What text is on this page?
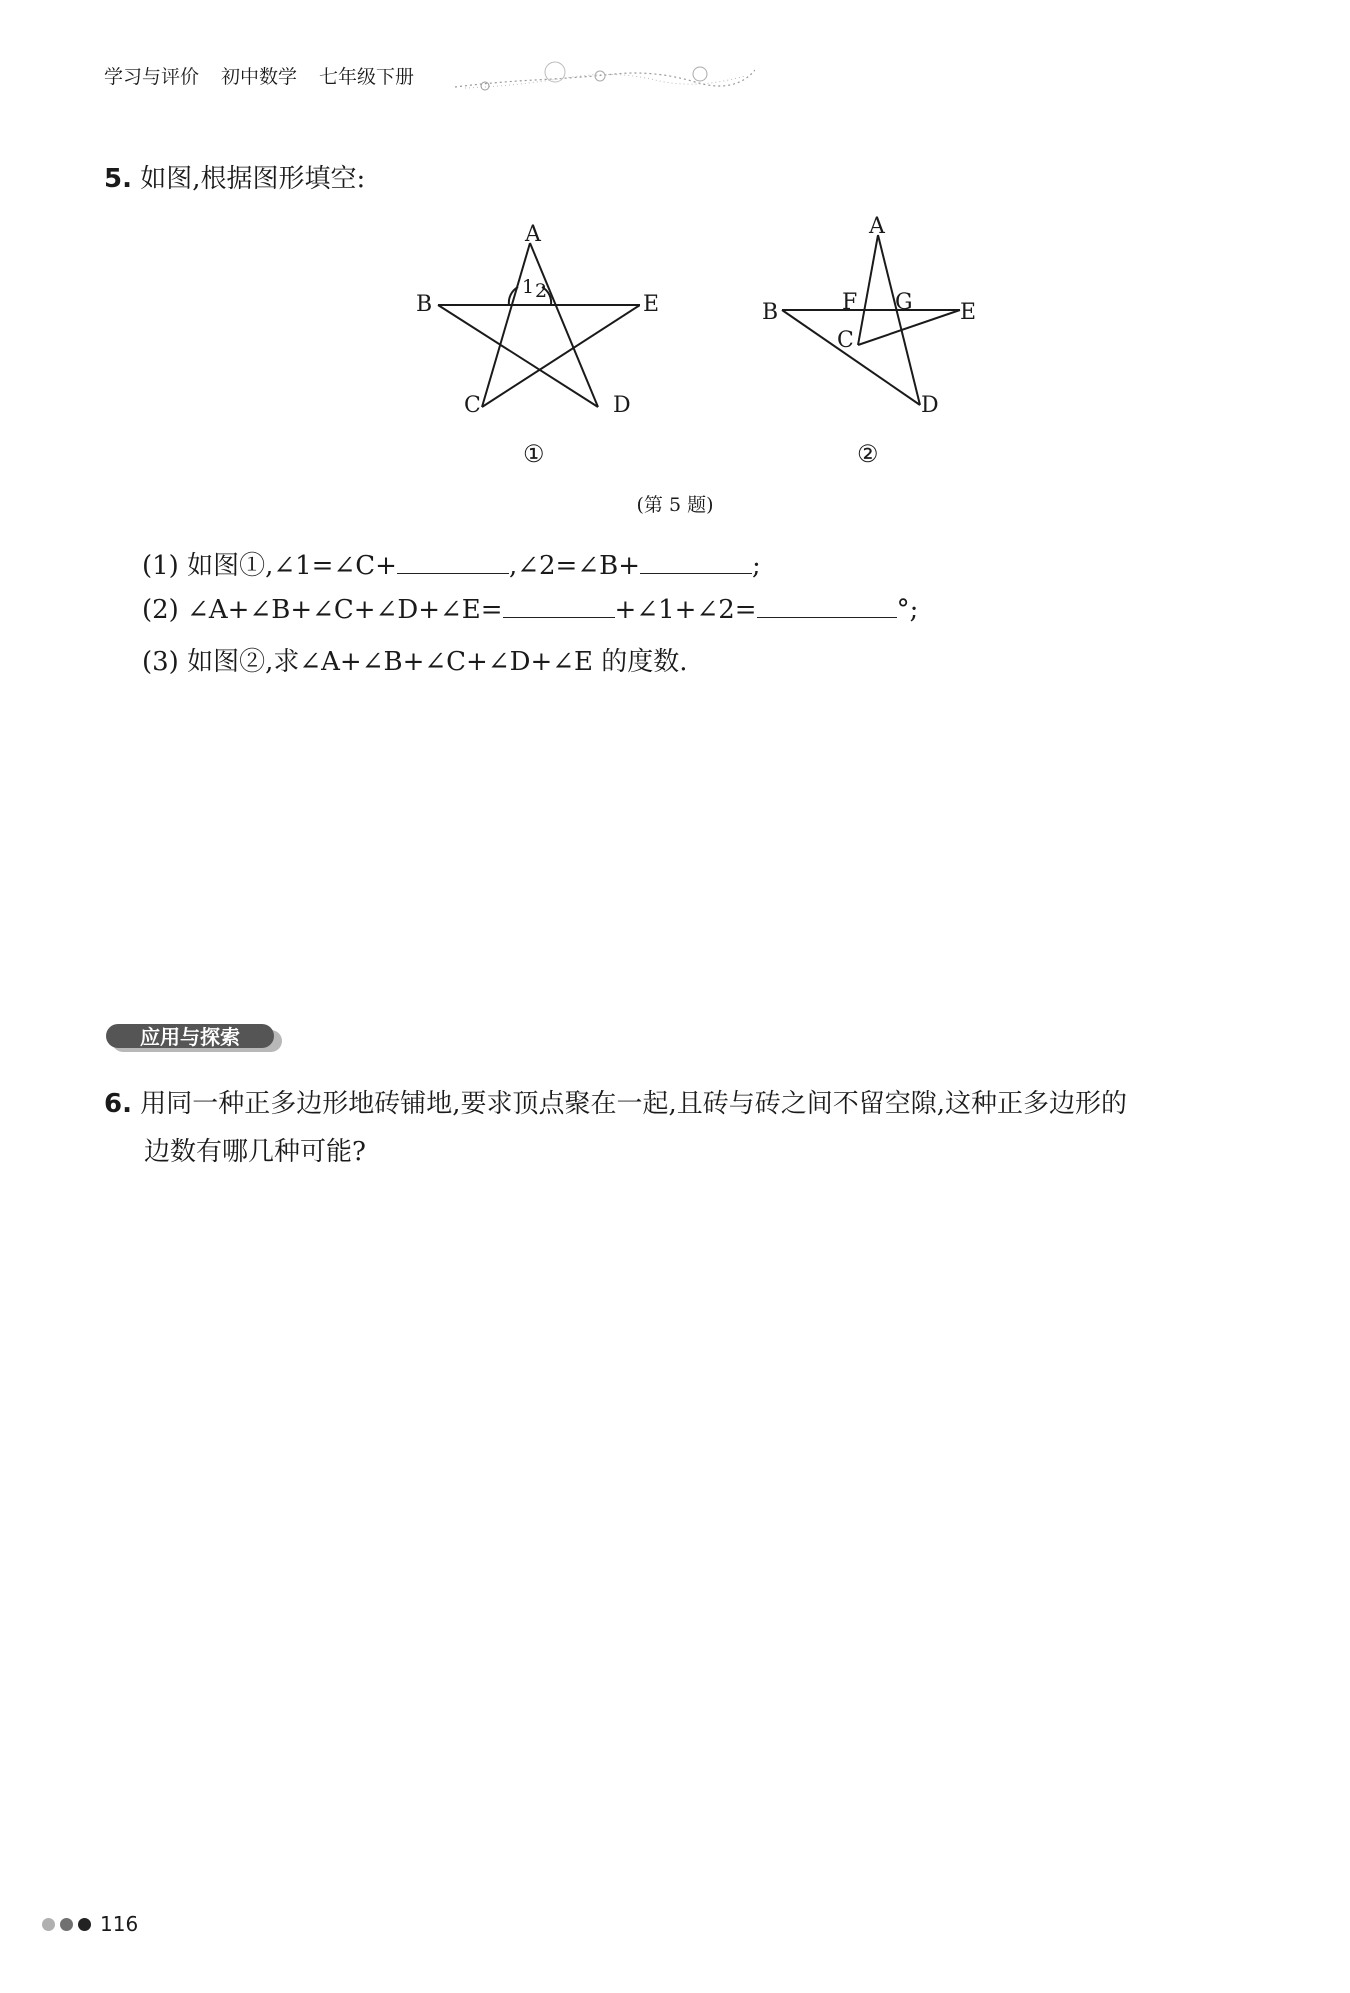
学习与评价 初中数学 七年级下册
5. 如图,根据图形填空:
A
B	E
C	D
1 2
①
A
B	E
F G
C
D
②
(第 5 题)
(1) 如图①,∠1=∠C+	,∠2=∠B+	;
(2) ∠A+∠B+∠C+∠D+∠E=	+∠1+∠2=	°;
(3) 如图②,求∠A+∠B+∠C+∠D+∠E 的度数.
应用与探索
6. 用同一种正多边形地砖铺地,要求顶点聚在一起,且砖与砖之间不留空隙,这种正多边形的
边数有哪几种可能?
116
